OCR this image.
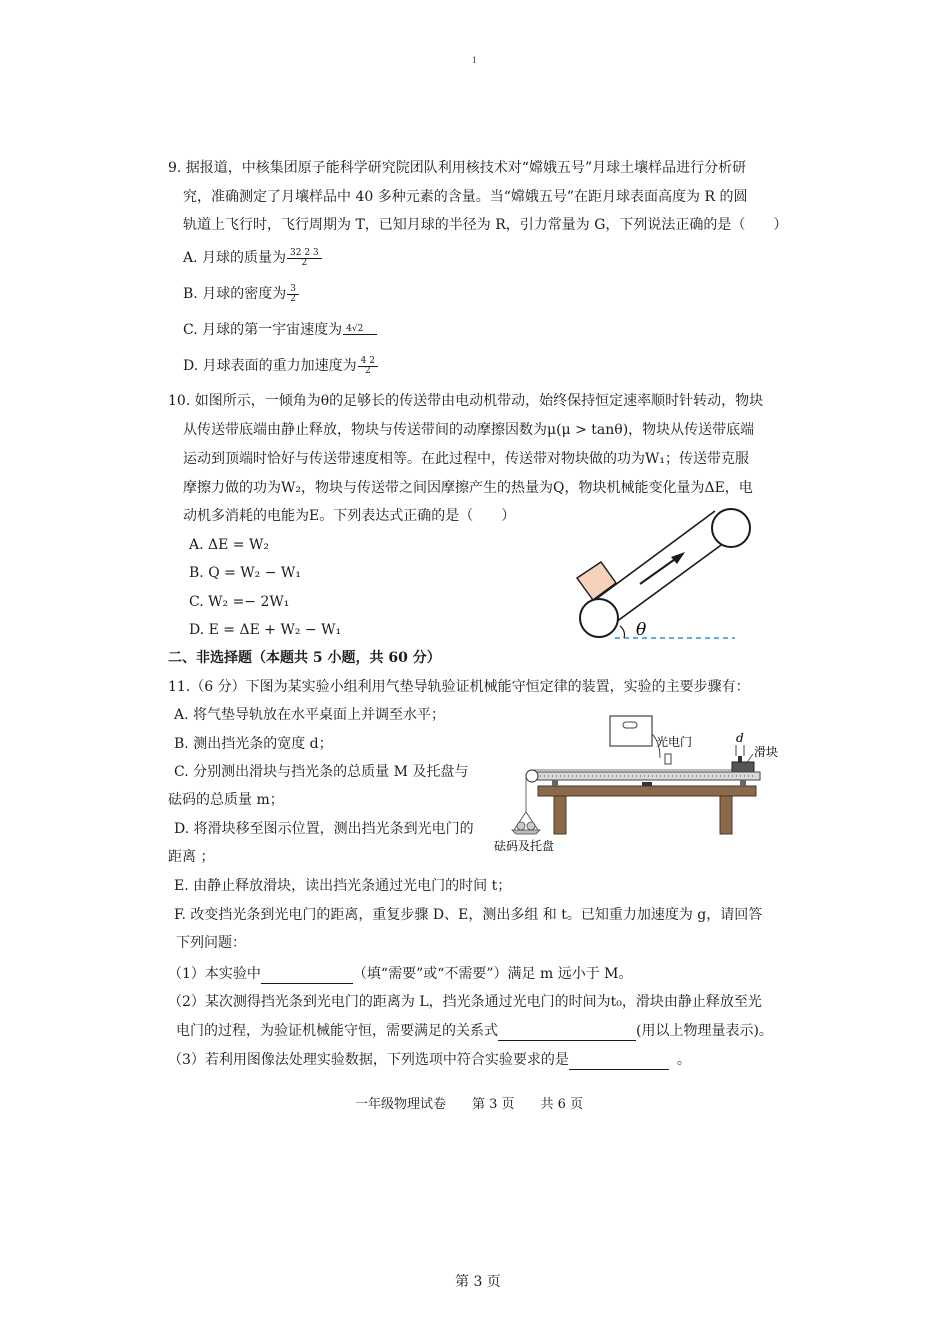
1
9. 据报道，中核集团原子能科学研究院团队利用核技术对“嫦娥五号”月球土壤样品进行分析研
究，准确测定了月壤样品中 40 多种元素的含量。当“嫦娥五号”在距月球表面高度为 R 的圆
轨道上飞行时，飞行周期为 T，已知月球的半径为 R，引力常量为 G，下列说法正确的是（　　）
A. 月球的质量为 $\frac{32 2 3}{2}$
B. 月球的密度为 $\frac{3}{2}$
C. 月球的第一宇宙速度为 4√2
D. 月球表面的重力加速度为 $\frac{4 2}{2}$
10. 如图所示，一倾角为θ的足够长的传送带由电动机带动，始终保持恒定速率顺时针转动，物块
从传送带底端由静止释放，物块与传送带间的动摩擦因数为μ(μ > tanθ)，物块从传送带底端
运动到顶端时恰好与传送带速度相等。在此过程中，传送带对物块做的功为W₁；传送带克服
摩擦力做的功为W₂，物块与传送带之间因摩擦产生的热量为Q，物块机械能变化量为ΔE，电
动机多消耗的电能为E。下列表达式正确的是（　　）
A. ΔE = W₂
B. Q = W₂ − W₁
C. W₂ =− 2W₁
D. E = ΔE + W₂ − W₁	θ
二、非选择题（本题共 5 小题，共 60 分）
11.（6 分）下图为某实验小组利用气垫导轨验证机械能守恒定律的装置，实验的主要步骤有：
A. 将气垫导轨放在水平桌面上并调至水平；
B. 测出挡光条的宽度 d；
C. 分别测出滑块与挡光条的总质量 M 及托盘与
砝码的总质量 m；
D. 将滑块移至图示位置，测出挡光条到光电门的
距离 ；
E. 由静止释放滑块，读出挡光条通过光电门的时间 t；
F. 改变挡光条到光电门的距离，重复步骤 D、E，测出多组 和 t。已知重力加速度为 g，请回答
下列问题：
（1）本实验中	（填“需要”或“不需要”）满足 m 远小于 M。
（2）某次测得挡光条到光电门的距离为 L，挡光条通过光电门的时间为t₀，滑块由静止释放至光
电门的过程，为验证机械能守恒，需要满足的关系式	(用以上物理量表示)。
（3）若利用图像法处理实验数据，下列选项中符合实验要求的是	。
光电门	d
滑块
砝码及托盘
一年级物理试卷　　第 3 页　　共 6 页
第 3 页
